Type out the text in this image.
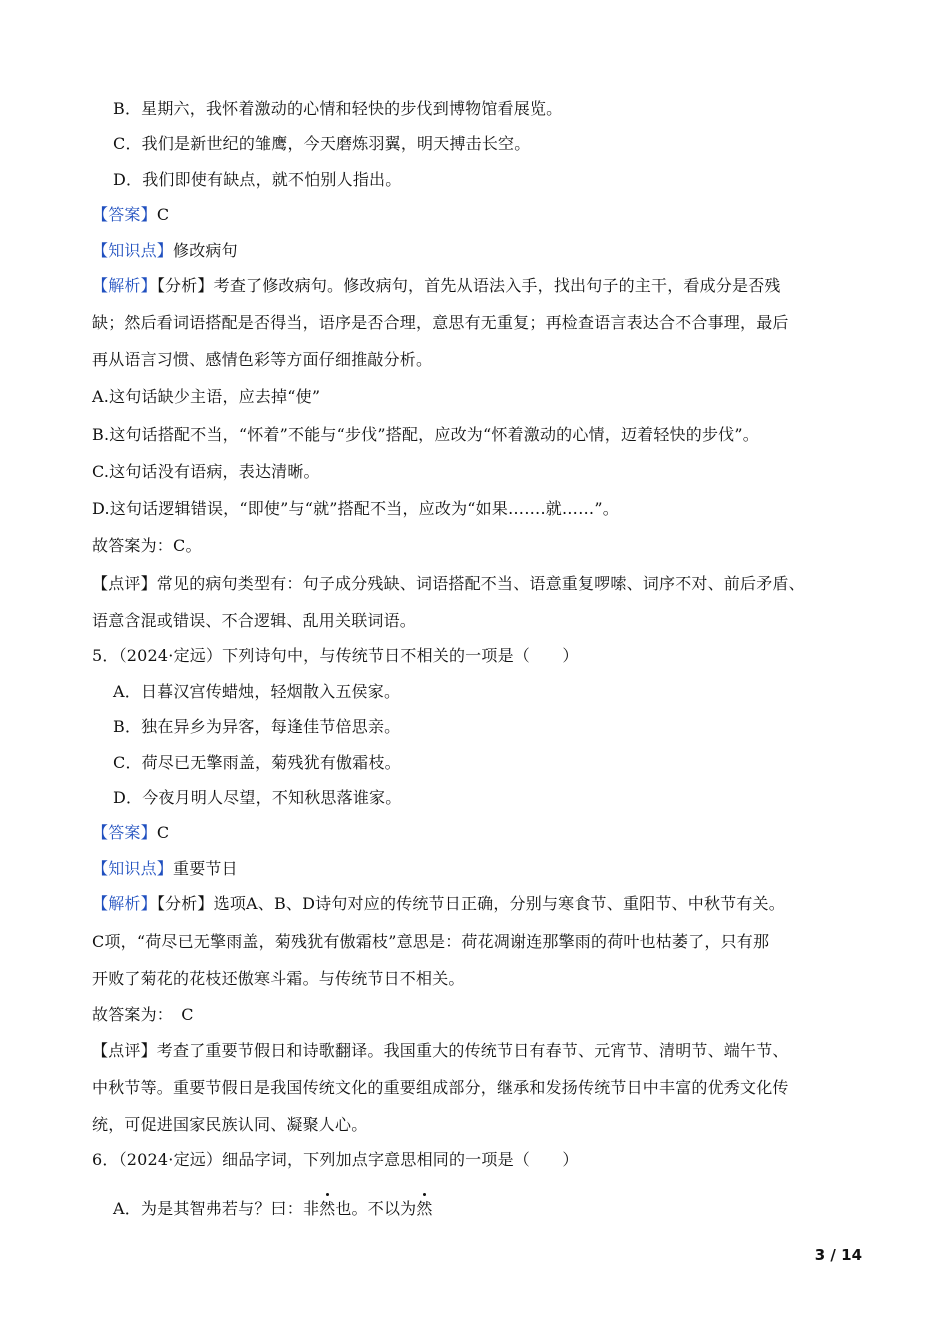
B．星期六，我怀着激动的心情和轻快的步伐到博物馆看展览。
C．我们是新世纪的雏鹰，今天磨炼羽翼，明天搏击长空。
D．我们即使有缺点，就不怕别人指出。
【答案】C
【知识点】修改病句
【解析】【分析】考查了修改病句。修改病句，首先从语法入手，找出句子的主干，看成分是否残
缺；然后看词语搭配是否得当，语序是否合理，意思有无重复；再检查语言表达合不合事理，最后
再从语言习惯、感情色彩等方面仔细推敲分析。
A.这句话缺少主语，应去掉“使”
B.这句话搭配不当，“怀着”不能与“步伐”搭配，应改为“怀着激动的心情，迈着轻快的步伐”。
C.这句话没有语病，表达清晰。
D.这句话逻辑错误，“即使”与“就”搭配不当，应改为“如果…….就……”。
故答案为：C。
【点评】常见的病句类型有：句子成分残缺、词语搭配不当、语意重复啰嗦、词序不对、前后矛盾、
语意含混或错误、不合逻辑、乱用关联词语。
5．（2024·定远）下列诗句中，与传统节日不相关的一项是（　　）
A．日暮汉宫传蜡烛，轻烟散入五侯家。
B．独在异乡为异客，每逢佳节倍思亲。
C．荷尽已无擎雨盖，菊残犹有傲霜枝。
D．今夜月明人尽望，不知秋思落谁家。
【答案】C
【知识点】重要节日
【解析】【分析】选项A、B、D诗句对应的传统节日正确，分别与寒食节、重阳节、中秋节有关。
C项，“荷尽已无擎雨盖，菊残犹有傲霜枝”意思是：荷花凋谢连那擎雨的荷叶也枯萎了，只有那
开败了菊花的花枝还傲寒斗霜。与传统节日不相关。
故答案为：　C
【点评】考查了重要节假日和诗歌翻译。我国重大的传统节日有春节、元宵节、清明节、端午节、
中秋节等。重要节假日是我国传统文化的重要组成部分，继承和发扬传统节日中丰富的优秀文化传
统，可促进国家民族认同、凝聚人心。
6．（2024·定远）细品字词，下列加点字意思相同的一项是（　　）
A．为是其智弗若与？曰：非然也。不以为然
3 / 14
